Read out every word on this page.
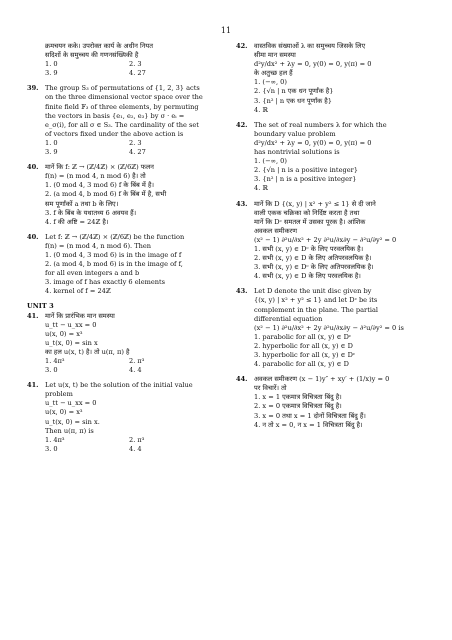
11
क्रमचयन कके। उपरोक्त कार्य के अधीन नियत
सदिशों के समुच्चय की गणनसंख्यिकी है
1. 0	2. 3
3. 9	4. 27
39. The group S₃ of permutations of {1, 2, 3} acts
on the three dimensional vector space over the
finite field 𝔽₃ of three elements, by permuting
the vectors in basis {e₁, e₂, e₃} by σ · eᵢ =
e_σ(i), for all σ ∈ S₃. The cardinality of the set
of vectors fixed under the above action is
1. 0	2. 3
3. 9	4. 27
40. मानें कि f: ℤ → (ℤ/4ℤ) × (ℤ/6ℤ) फलन
f(n) = (n mod 4, n mod 6) है। तो
1. (0 mod 4, 3 mod 6) f के बिंब में है।
2. (a mod 4, b mod 6) f के बिंब में है, सभी
सम पूर्णांकों a तथा b के लिए।
3. f के बिंब के यथातथ्य 6 अवयव हैं।
4. f की अष्टि = 24ℤ है।
40. Let f: ℤ → (ℤ/4ℤ) × (ℤ/6ℤ) be the function
f(n) = (n mod 4, n mod 6). Then
1. (0 mod 4, 3 mod 6) is in the image of f
2. (a mod 4, b mod 6) is in the image of f,
for all even integers a and b
3. image of f has exactly 6 elements
4. kernel of f = 24ℤ
UNIT 3
41. मानें कि प्रारंभिक मान समस्या
u_tt − u_xx = 0
u(x, 0) = x³
u_t(x, 0) = sin x
का हल u(x, t) है। तो u(π, π) है
1. 4π³	2. π³
3. 0	4. 4
41. Let u(x, t) be the solution of the initial value
problem
u_tt − u_xx = 0
u(x, 0) = x³
u_t(x, 0) = sin x.
Then u(π, π) is
1. 4π³	2. π³
3. 0	4. 4
42. वास्तविक संख्याओं λ का समुच्चय जिसके लिए
सीमा मान समस्या
d²y/dx² + λy = 0, y(0) = 0, y(π) = 0
के अतुच्छ हल हैं
1. (−∞, 0)
2. {√n | n एक धन पूर्णांक है}
3. {n² | n एक धन पूर्णांक है}
4. ℝ
42. The set of real numbers λ for which the
boundary value problem
d²y/dx² + λy = 0, y(0) = 0, y(π) = 0
has nontrivial solutions is
1. (−∞, 0)
2. {√n | n is a positive integer}
3. {n² | n is a positive integer}
4. ℝ
43. मानें कि D {(x, y) | x² + y² ≤ 1} से दी जाने
वाली एकक चक्रिका को निर्दिष्ट करता है तथा
मानें कि Dᶜ समतल में उसका पूरक है। आंशिक
अवकल समीकरण
(x² − 1) ∂²u/∂x² + 2y ∂²u/∂x∂y − ∂²u/∂y² = 0
1. सभी (x, y) ∈ Dᶜ के लिए परवलयिक है।
2. सभी (x, y) ∈ D के लिए अतिपरवलयिक है।
3. सभी (x, y) ∈ Dᶜ के लिए अतिपरवलयिक है।
4. सभी (x, y) ∈ D के लिए परवलयिक है।
43. Let D denote the unit disc given by
{(x, y) | x² + y² ≤ 1} and let Dᶜ be its
complement in the plane. The partial
differential equation
(x² − 1) ∂²u/∂x² + 2y ∂²u/∂x∂y − ∂²u/∂y² = 0 is
1. parabolic for all (x, y) ∈ Dᶜ
2. hyperbolic for all (x, y) ∈ D
3. hyperbolic for all (x, y) ∈ Dᶜ
4. parabolic for all (x, y) ∈ D
44. अवकल समीकरण (x − 1)y″ + xy′ + (1/x)y = 0
पर विचारें। तो
1. x = 1 एकमात्र विचित्रता बिंदु है।
2. x = 0 एकमात्र विचित्रता बिंदु है।
3. x = 0 तथा x = 1 दोनों विचित्रता बिंदु हैं।
4. न तो x = 0, न x = 1 विचित्रता बिंदु है।
